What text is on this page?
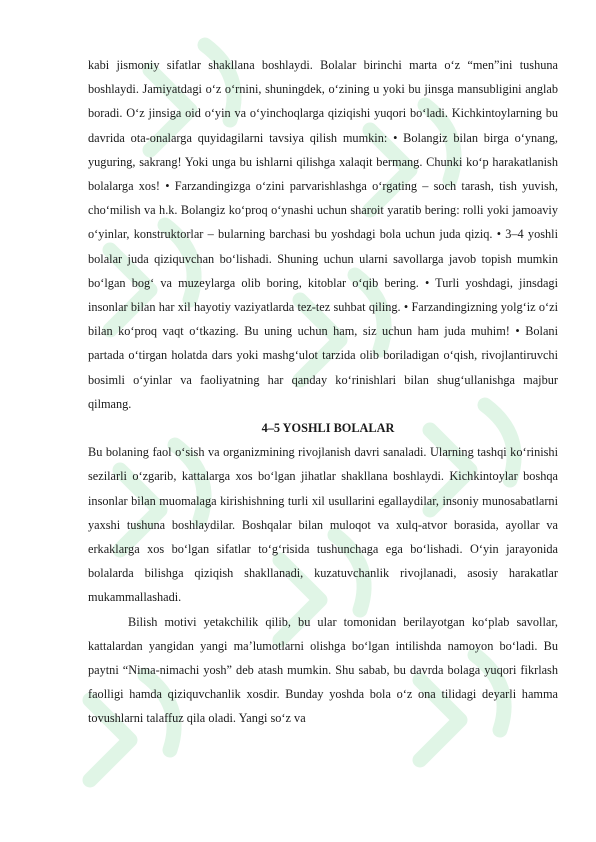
kabi jismoniy sifatlar shakllana boshlaydi. Bolalar birinchi marta o‘z “men”ini tushuna boshlaydi. Jamiyatdagi o‘z o‘rnini, shuningdek, o‘zining u yoki bu jinsga mansubligini anglab boradi. O‘z jinsiga oid o‘yin va o‘yinchoqlarga qiziqishi yuqori bo‘ladi. Kichkintoylarning bu davrida ota-onalarga quyidagilarni tavsiya qilish mumkin: • Bolangiz bilan birga o‘ynang, yuguring, sakrang! Yoki unga bu ishlarni qilishga xalaqit bermang. Chunki ko‘p harakatlanish bolalarga xos! • Farzandingizga o‘zini parvarishlashga o‘rgating – soch tarash, tish yuvish, cho‘milish va h.k. Bolangiz ko‘proq o‘ynashi uchun sharoit yaratib bering: rolli yoki jamoaviy o‘yinlar, konstruktorlar – bularning barchasi bu yoshdagi bola uchun juda qiziq. • 3–4 yoshli bolalar juda qiziquvchan bo‘lishadi. Shuning uchun ularni savollarga javob topish mumkin bo‘lgan bog‘ va muzeylarga olib boring, kitoblar o‘qib bering. • Turli yoshdagi, jinsdagi insonlar bilan har xil hayotiy vaziyatlarda tez-tez suhbat qiling. • Farzandingizning yolg‘iz o‘zi bilan ko‘proq vaqt o‘tkazing. Bu uning uchun ham, siz uchun ham juda muhim! • Bolani partada o‘tirgan holatda dars yoki mashg‘ulot tarzida olib boriladigan o‘qish, rivojlantiruvchi bosimli o‘yinlar va faoliyatning har qanday ko‘rinishlari bilan shug‘ullanishga majbur qilmang.

4–5 YOSHLI BOLALAR

Bu bolaning faol o‘sish va organizmining rivojlanish davri sanaladi. Ularning tashqi ko‘rinishi sezilarli o‘zgarib, kattalarga xos bo‘lgan jihatlar shakllana boshlaydi. Kichkintoylar boshqa insonlar bilan muomalaga kirishishning turli xil usullarini egallaydilar, insoniy munosabatlarni yaxshi tushuna boshlaydilar. Boshqalar bilan muloqot va xulq-atvor borasida, ayollar va erkaklarga xos bo‘lgan sifatlar to‘g‘risida tushunchaga ega bo‘lishadi. O‘yin jarayonida bolalarda bilishga qiziqish shakllanadi, kuzatuvchanlik rivojlanadi, asosiy harakatlar mukammallashadi.

Bilish motivi yetakchilik qilib, bu ular tomonidan berilayotgan ko‘plab savollar, kattalardan yangidan yangi ma’lumotlarni olishga bo‘lgan intilishda namoyon bo‘ladi. Bu paytni “Nima-nimachi yosh” deb atash mumkin. Shu sabab, bu davrda bolaga yuqori fikrlash faolligi hamda qiziquvchanlik xosdir. Bunday yoshda bola o‘z ona tilidagi deyarli hamma tovushlarni talaffuz qila oladi. Yangi so‘z va
